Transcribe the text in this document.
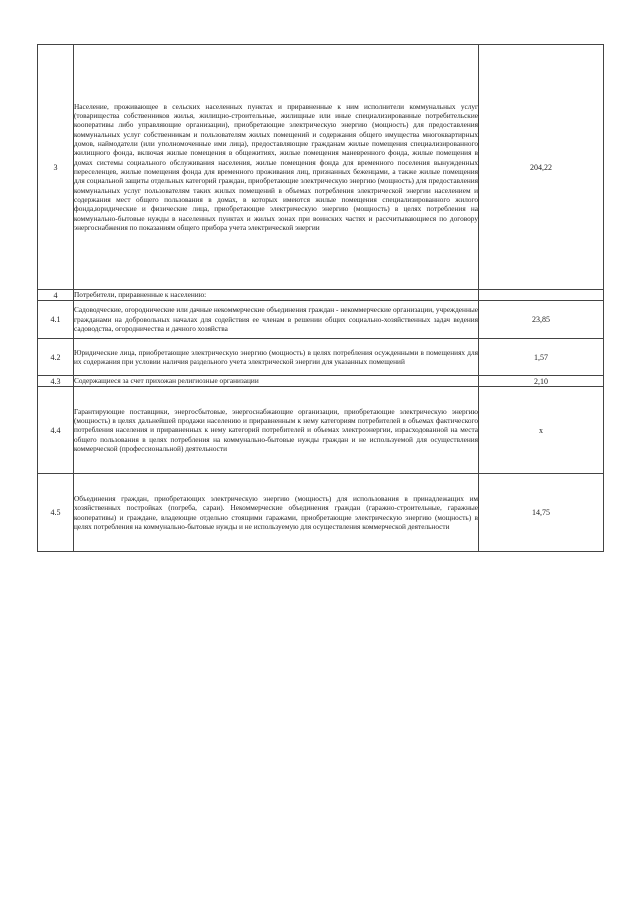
3	Население, проживающее в сельских населенных пунктах и приравненные к ним исполнители коммунальных услуг (товарищества собственников жилья, жилищно-строительные, жилищные или иные специализированные потребительские кооперативы либо управляющие организации), приобретающие электрическую энергию (мощность) для предоставления коммунальных услуг собственникам и пользователям жилых помещений и содержания общего имущества многоквартирных домов, наймодатели (или уполномоченные ими лица), предоставляющие гражданам жилые помещения специализированного жилищного фонда, включая жилые помещения в общежитиях, жилые помещения маневренного фонда, жилые помещения в домах системы социального обслуживания населения, жилые помещения фонда для временного поселения вынужденных переселенцев, жилые помещения фонда для временного проживания лиц, признанных беженцами, а также жилые помещения для социальной защиты отдельных категорий граждан, приобретающие электрическую энергию (мощность) для предоставления коммунальных услуг пользователям таких жилых помещений в объемах потребления электрической энергии населением и содержания мест общего пользования в домах, в которых имеются жилые помещения специализированного жилого фонда,юридические и физические лица, приобретающие электрическую энергию (мощность) в целях потребления на коммунально-бытовые нужды в населенных пунктах и жилых зонах при воинских частях и рассчитывающиеся по договору энергоснабжения по показаниям общего прибора учета электрической энергии	204,22
4	Потребители, приравненные к населению:	

4.1	Садоводческие, огороднические или дачные некоммерческие объединения граждан - некоммерческие организации, учрежденные гражданами на добровольных началах для содействия ее членам в решении общих социально-хозяйственных задач ведения садоводства, огородничества и дачного хозяйства	23,85
4.2	Юридические лица, приобретающие электрическую энергию (мощность) в целях потребления осужденными в помещениях для их содержания при условии наличия раздельного учета электрической энергии для указанных помещений	1,57
4.3	Содержащиеся за счет прихожан религиозные организации	2,10
4.4	Гарантирующие поставщики, энергосбытовые, энергоснабжающие организации, приобретающие электрическую энергию (мощность) в целях дальнейшей продажи населению и приравненным к нему категориям потребителей в объемах фактического потребления населения и приравненных к нему категорий потребителей и объемах электроэнергии, израсходованной на места общего пользования в целях потребления на коммунально-бытовые нужды граждан и не используемой для осуществления коммерческой (профессиональной) деятельности	х
4.5	Объединения граждан, приобретающих электрическую энергию (мощность) для использования в принадлежащих им хозяйственных постройках (погреба, сараи). Некоммерческие объединения граждан (гаражно-строительные, гаражные кооперативы) и граждане, владеющие отдельно стоящими гаражами, приобретающие электрическую энергию (мощность) в целях потребления на коммунально-бытовые нужды и не используемую для осуществления коммерческой деятельности	14,75
